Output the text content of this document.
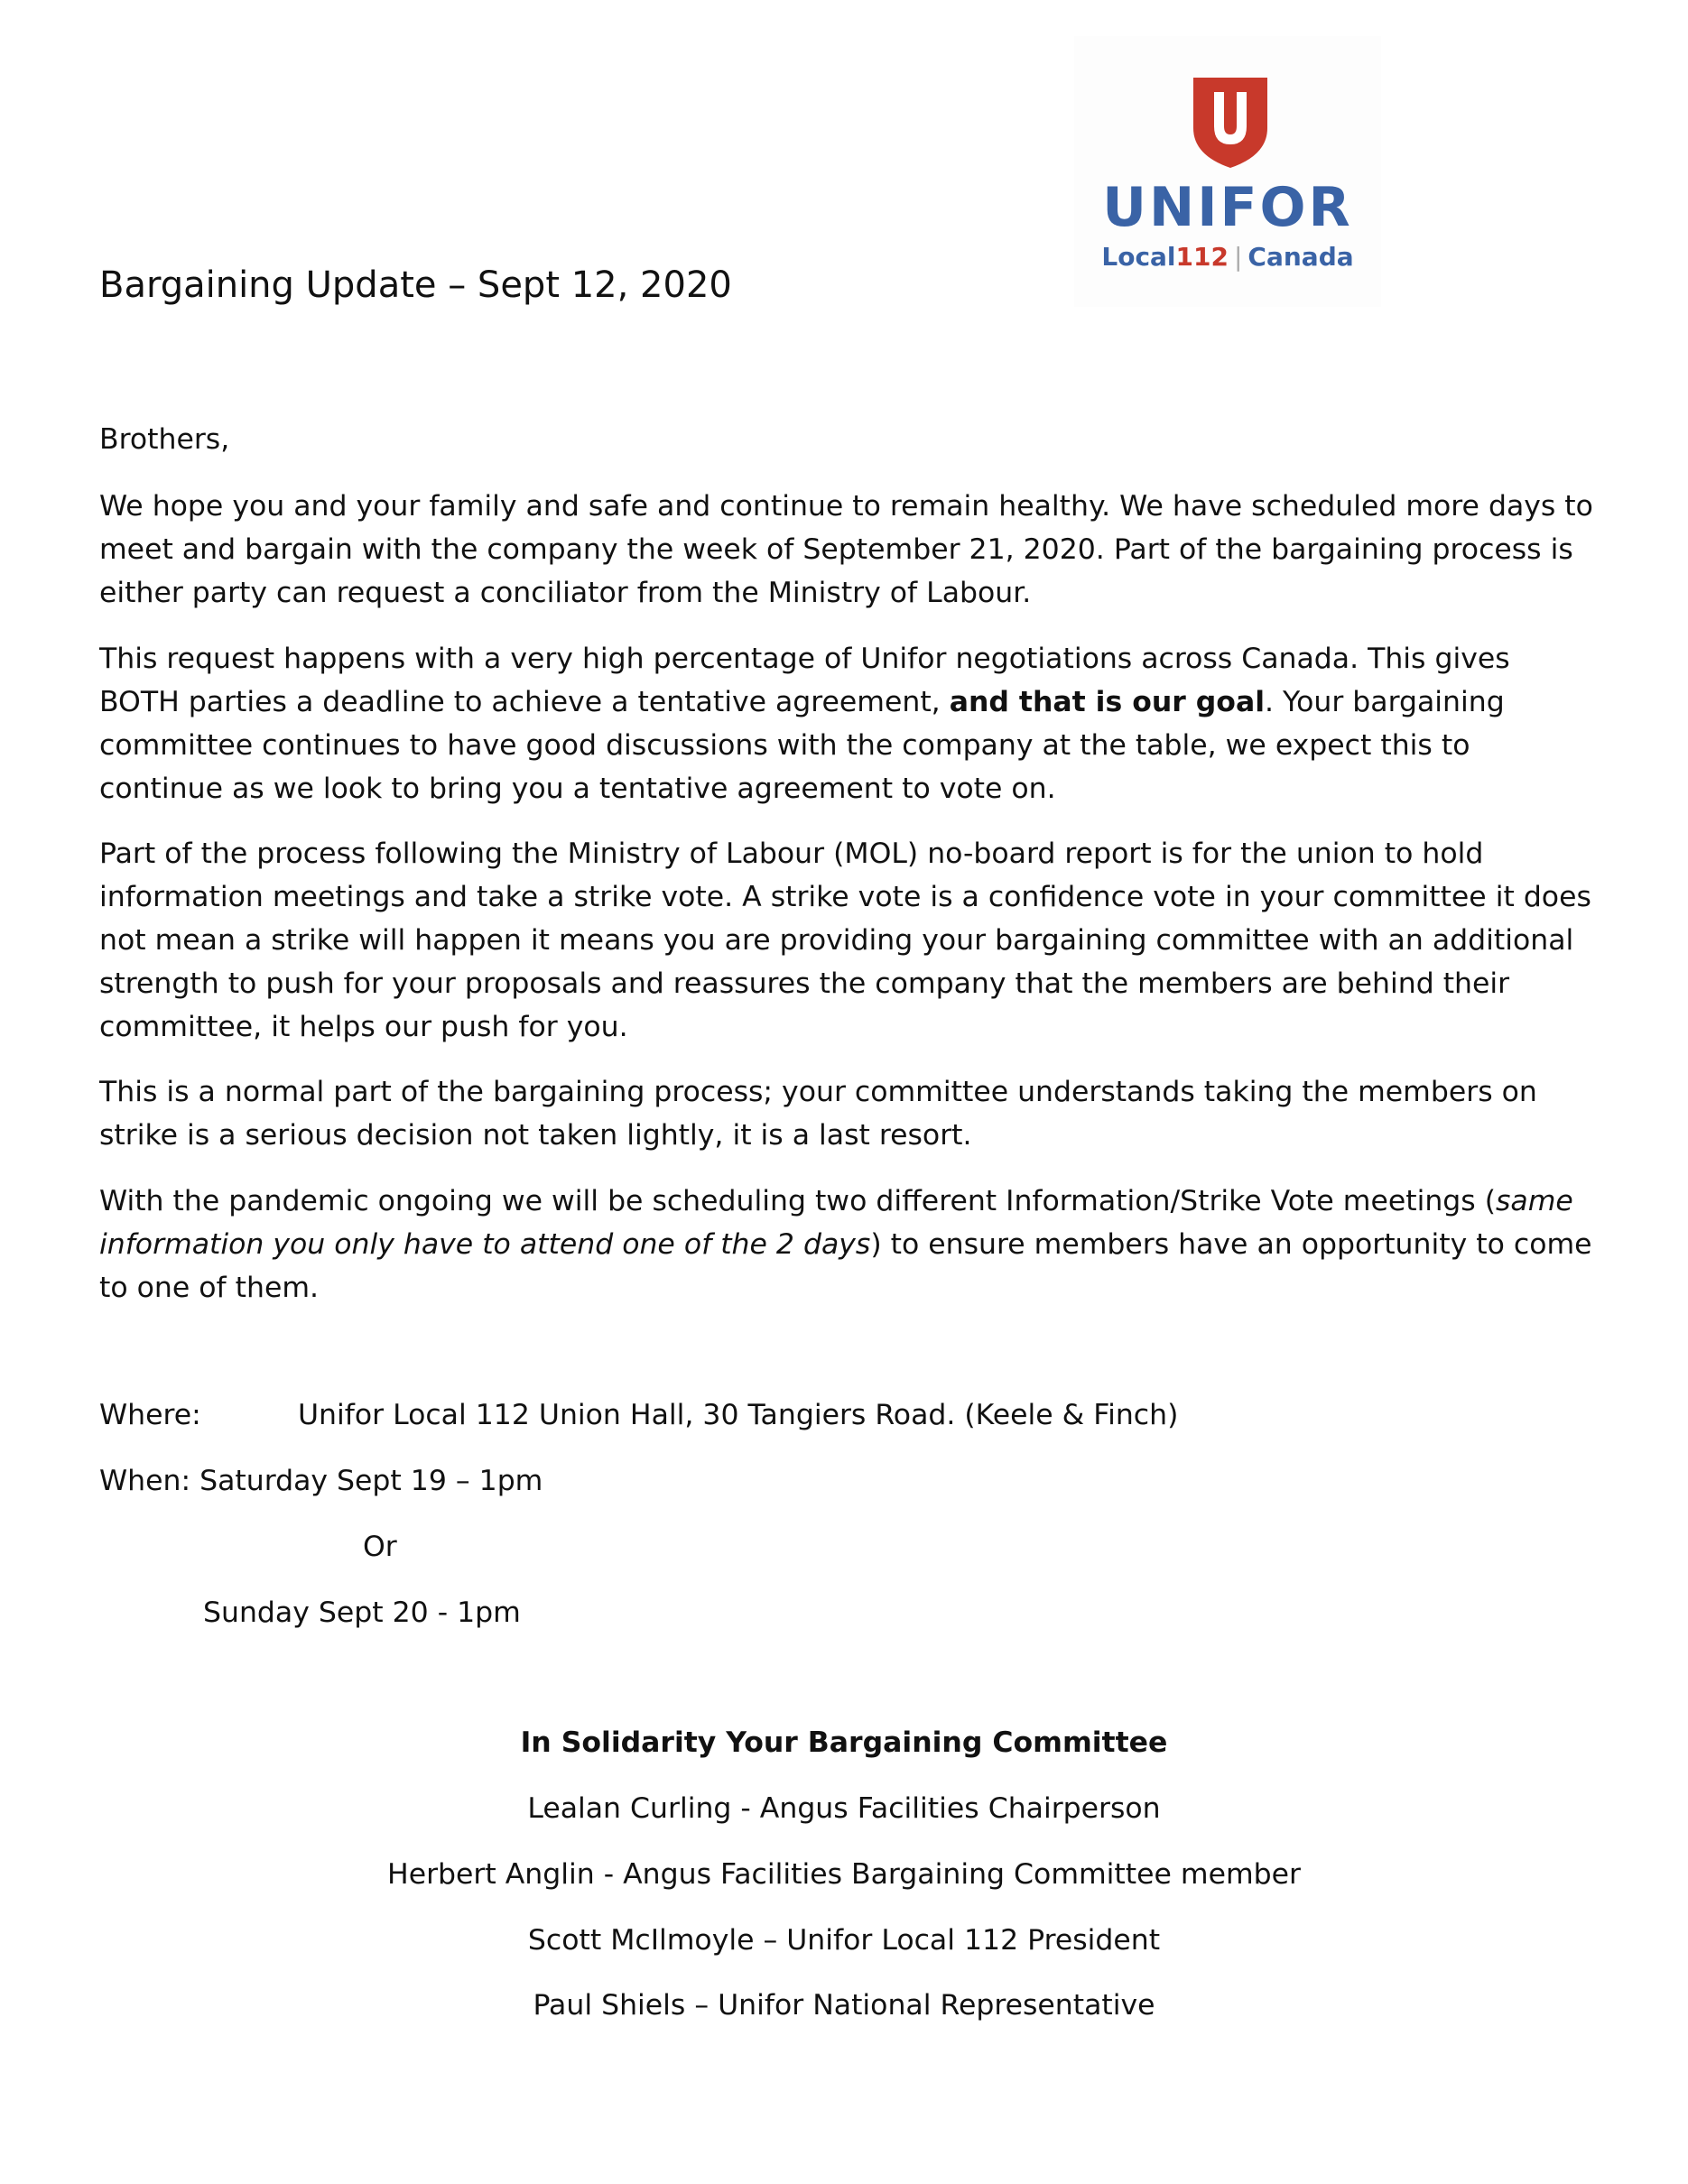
UNIFOR
Local112 | Canada
Bargaining Update – Sept 12, 2020
Brothers,
We hope you and your family and safe and continue to remain healthy. We have scheduled more days to meet and bargain with the company the week of September 21, 2020. Part of the bargaining process is either party can request a conciliator from the Ministry of Labour.
This request happens with a very high percentage of Unifor negotiations across Canada. This gives BOTH parties a deadline to achieve a tentative agreement, and that is our goal. Your bargaining committee continues to have good discussions with the company at the table, we expect this to continue as we look to bring you a tentative agreement to vote on.
Part of the process following the Ministry of Labour (MOL) no-board report is for the union to hold information meetings and take a strike vote. A strike vote is a confidence vote in your committee it does not mean a strike will happen it means you are providing your bargaining committee with an additional strength to push for your proposals and reassures the company that the members are behind their committee, it helps our push for you.
This is a normal part of the bargaining process; your committee understands taking the members on strike is a serious decision not taken lightly, it is a last resort.
With the pandemic ongoing we will be scheduling two different Information/Strike Vote meetings (same information you only have to attend one of the 2 days) to ensure members have an opportunity to come to one of them.
Where:	Unifor Local 112 Union Hall, 30 Tangiers Road. (Keele & Finch)
When: Saturday Sept 19 – 1pm
Or
Sunday Sept 20 - 1pm
In Solidarity Your Bargaining Committee
Lealan Curling - Angus Facilities Chairperson
Herbert Anglin - Angus Facilities Bargaining Committee member
Scott McIlmoyle – Unifor Local 112 President
Paul Shiels – Unifor National Representative
